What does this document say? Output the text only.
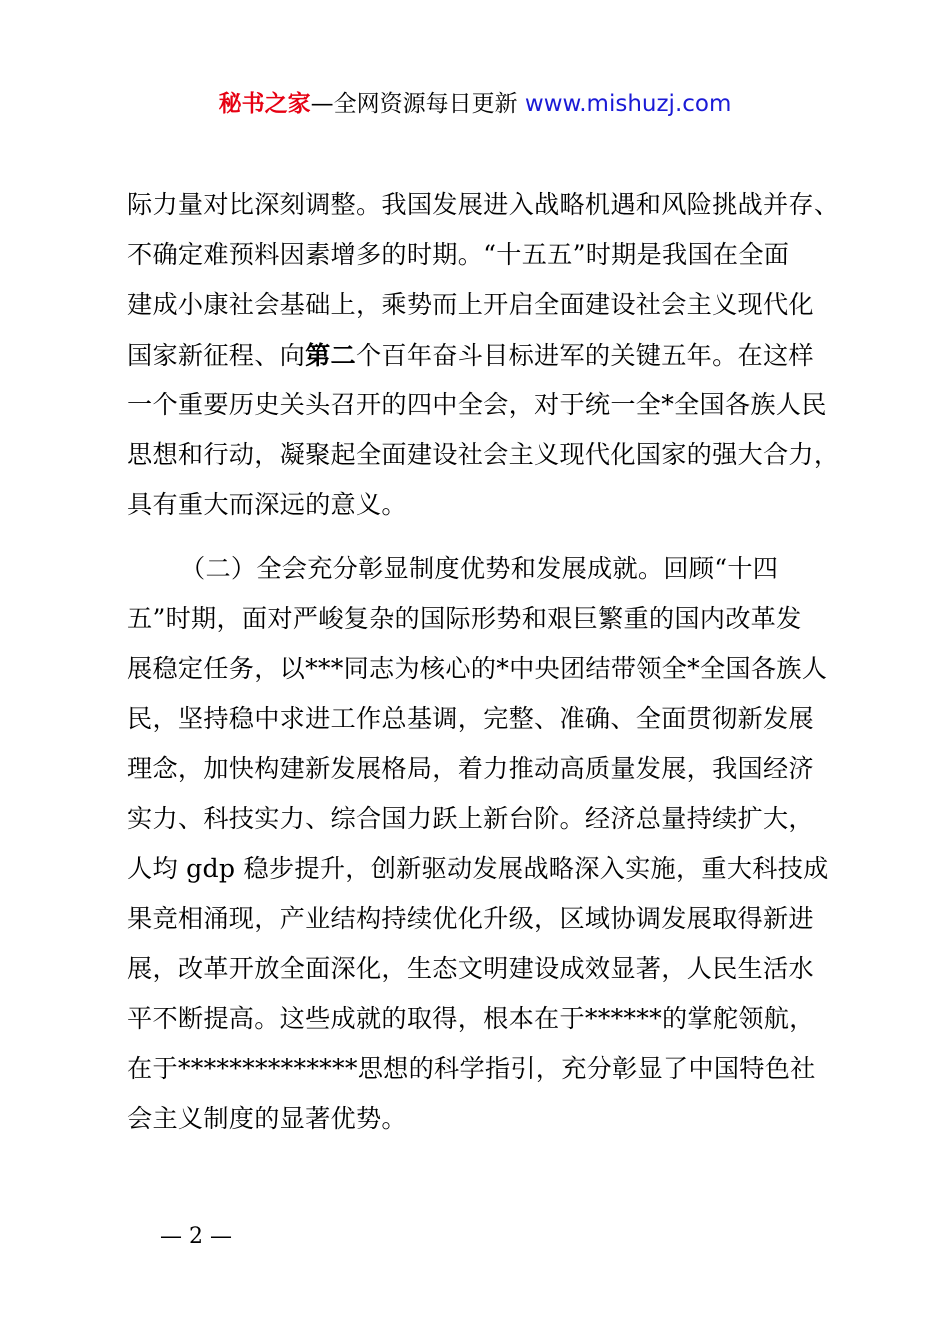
秘书之家—全网资源每日更新 www.mishuzj.com
际力量对比深刻调整。我国发展进入战略机遇和风险挑战并存、
不确定难预料因素增多的时期。“十五五”时期是我国在全面
建成小康社会基础上，乘势而上开启全面建设社会主义现代化
国家新征程、向第二个百年奋斗目标进军的关键五年。在这样
一个重要历史关头召开的四中全会，对于统一全*全国各族人民
思想和行动，凝聚起全面建设社会主义现代化国家的强大合力，
具有重大而深远的意义。
（二）全会充分彰显制度优势和发展成就。回顾“十四
五”时期，面对严峻复杂的国际形势和艰巨繁重的国内改革发
展稳定任务，以***同志为核心的*中央团结带领全*全国各族人
民，坚持稳中求进工作总基调，完整、准确、全面贯彻新发展
理念，加快构建新发展格局，着力推动高质量发展，我国经济
实力、科技实力、综合国力跃上新台阶。经济总量持续扩大，
人均 gdp 稳步提升，创新驱动发展战略深入实施，重大科技成
果竞相涌现，产业结构持续优化升级，区域协调发展取得新进
展，改革开放全面深化，生态文明建设成效显著，人民生活水
平不断提高。这些成就的取得，根本在于******的掌舵领航，
在于**************思想的科学指引，充分彰显了中国特色社
会主义制度的显著优势。
— 2 —
